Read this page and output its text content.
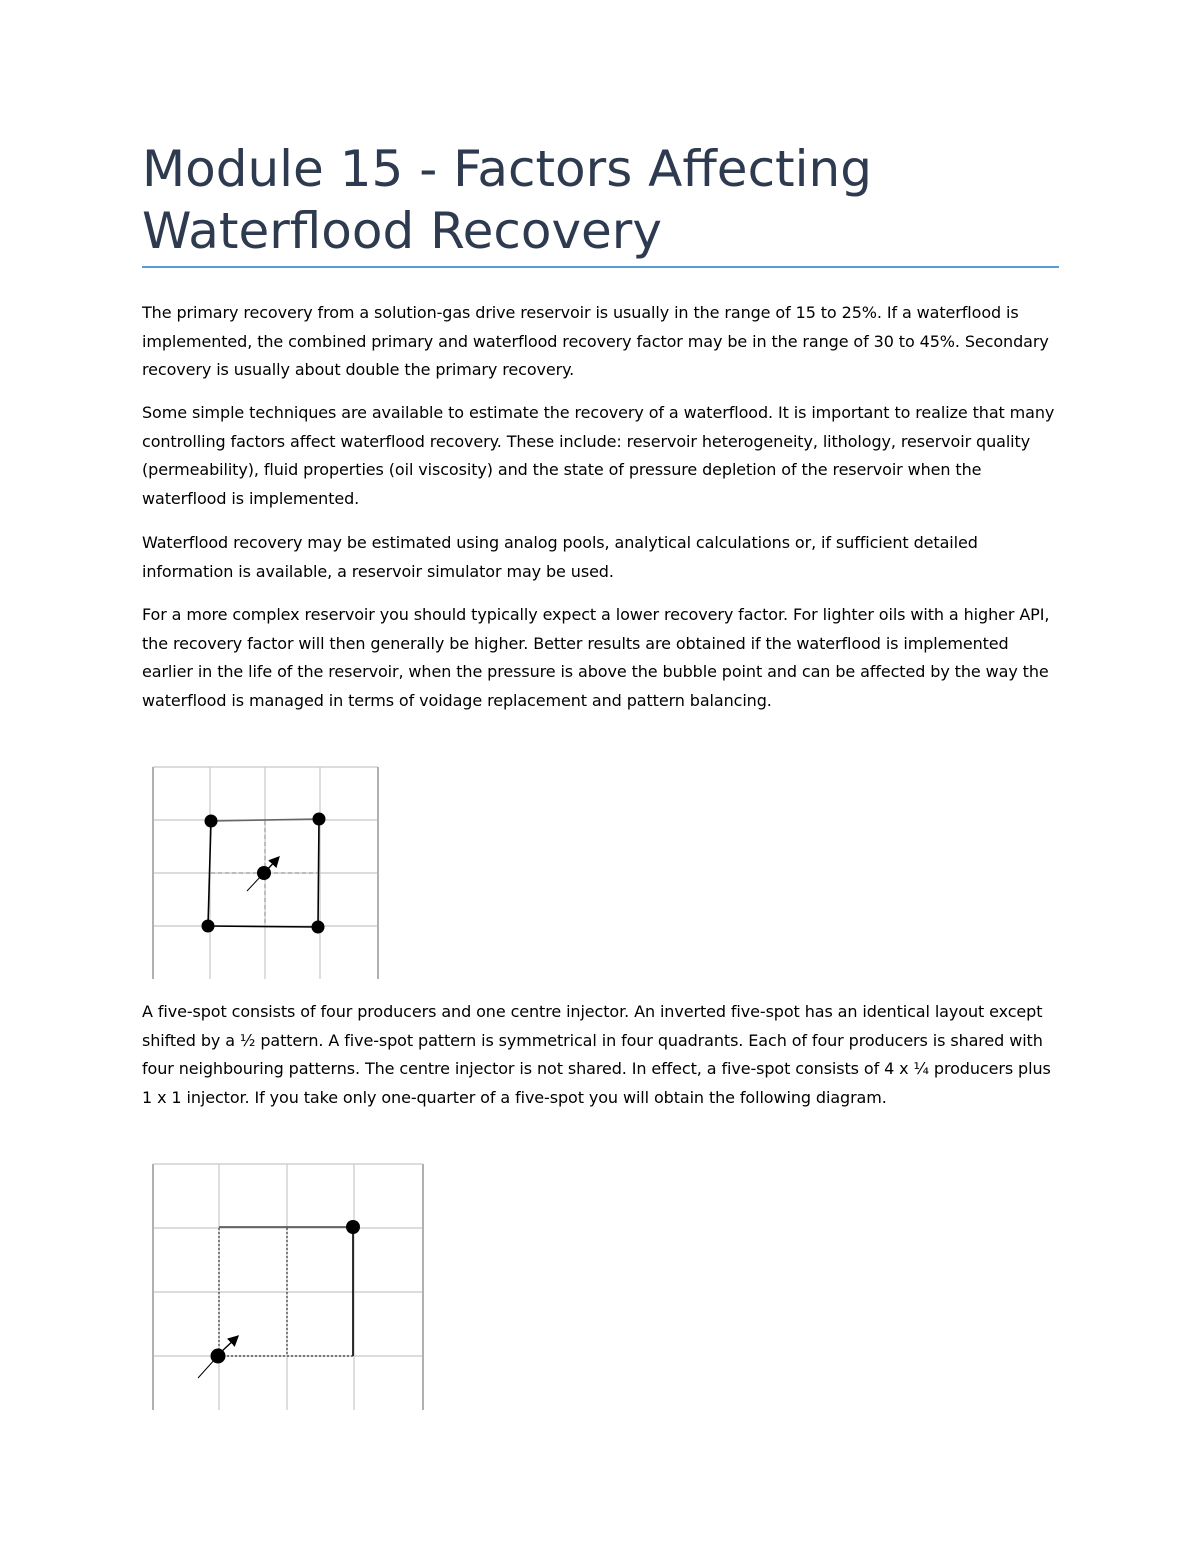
Module 15 - Factors Affecting Waterflood Recovery

The primary recovery from a solution-gas drive reservoir is usually in the range of 15 to 25%. If a waterflood is implemented, the combined primary and waterflood recovery factor may be in the range of 30 to 45%. Secondary recovery is usually about double the primary recovery.

Some simple techniques are available to estimate the recovery of a waterflood. It is important to realize that many controlling factors affect waterflood recovery. These include: reservoir heterogeneity, lithology, reservoir quality (permeability), fluid properties (oil viscosity) and the state of pressure depletion of the reservoir when the waterflood is implemented.

Waterflood recovery may be estimated using analog pools, analytical calculations or, if sufficient detailed information is available, a reservoir simulator may be used.

For a more complex reservoir you should typically expect a lower recovery factor. For lighter oils with a higher API, the recovery factor will then generally be higher. Better results are obtained if the waterflood is implemented earlier in the life of the reservoir, when the pressure is above the bubble point and can be affected by the way the waterflood is managed in terms of voidage replacement and pattern balancing.

A five-spot consists of four producers and one centre injector. An inverted five-spot has an identical layout except shifted by a ½ pattern. A five-spot pattern is symmetrical in four quadrants. Each of four producers is shared with four neighbouring patterns. The centre injector is not shared. In effect, a five-spot consists of 4 x ¼ producers plus 1 x 1 injector. If you take only one-quarter of a five-spot you will obtain the following diagram.
